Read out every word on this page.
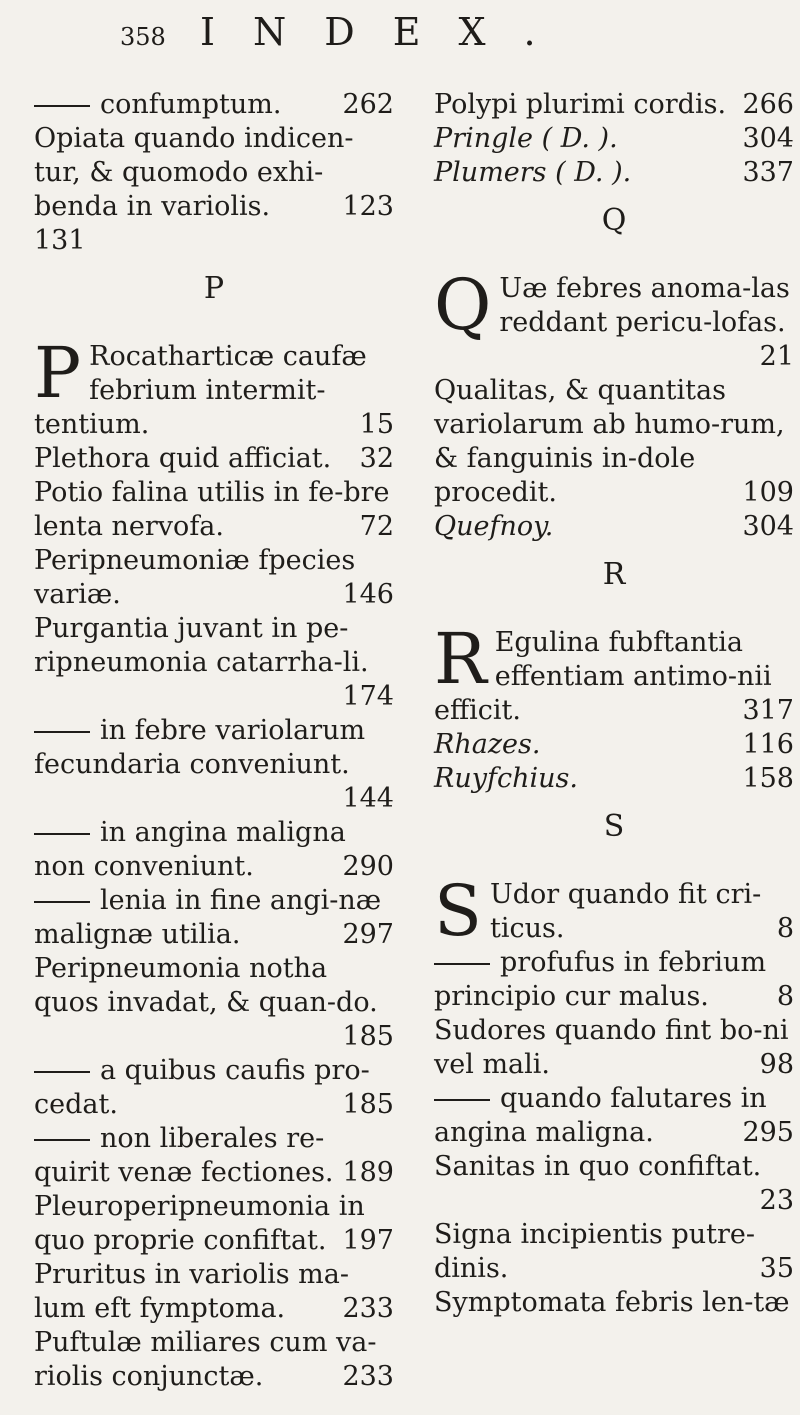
358 INDEX.
confumptum. 262
Opiata quando indicen-tur, & quomodo exhi-benda in variolis.	123
131
P
P Rocatharticæ caufæ febrium intermit-tentium.	15
Plethora quid afficiat. 32
Potio falina utilis in fe-bre lenta nervofa.	72
Peripneumoniæ fpecies variæ.	146
Purgantia juvant in pe-ripneumonia catarrha-li.
174
in febre variolarum fecundaria conveniunt.
144
in angina maligna non conveniunt.	290
lenia in fine angi-næ malignæ utilia.	297
Peripneumonia notha quos invadat, & quan-do.
185
a quibus caufis pro-cedat.	185
non liberales re-quirit venæ fectiones. 189
Pleuroperipneumonia in quo proprie confiftat. 197
Pruritus in variolis ma-lum eft fymptoma. 233
Puftulæ miliares cum va-riolis conjunctæ.	233
Polypi plurimi cordis. 266
Pringle ( D. ).	304
Plumers ( D. ).	337
Q
Q Uæ febres anoma-las reddant pericu-lofas.
21
Qualitas, & quantitas variolarum ab humo-rum, & fanguinis in-dole procedit.	109
Quefnoy.	304
R
R Egulina fubftantia effentiam antimo-nii efficit.	317
Rhazes.	116
Ruyfchius.	158
S
S Udor quando fit cri-ticus.	8
profufus in febrium principio cur malus.	8
Sudores quando fint bo-ni vel mali.	98
quando falutares in angina maligna.	295
Sanitas in quo confiftat.
23
Signa incipientis putre-dinis.	35
Symptomata febris len-tæ
